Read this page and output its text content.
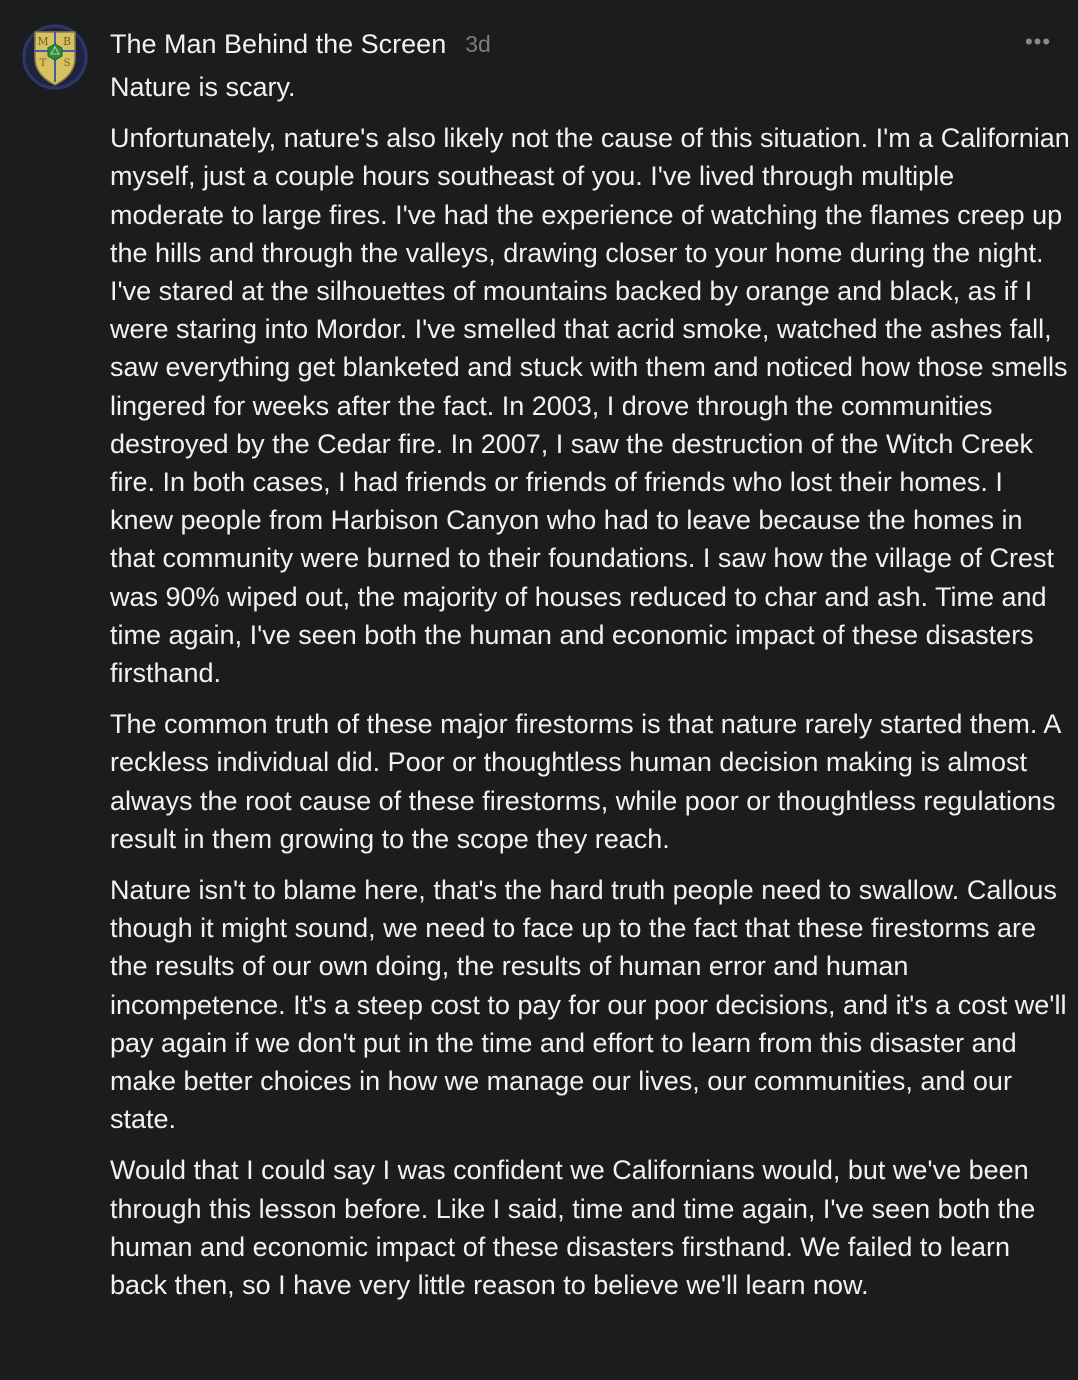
M B
T S
The Man Behind the Screen 3d	•••

Nature is scary.

Unfortunately, nature's also likely not the cause of this situation. I'm a Californian myself, just a couple hours southeast of you. I've lived through multiple moderate to large fires. I've had the experience of watching the flames creep up the hills and through the valleys, drawing closer to your home during the night. I've stared at the silhouettes of mountains backed by orange and black, as if I were staring into Mordor. I've smelled that acrid smoke, watched the ashes fall, saw everything get blanketed and stuck with them and noticed how those smells lingered for weeks after the fact. In 2003, I drove through the communities destroyed by the Cedar fire. In 2007, I saw the destruction of the Witch Creek fire. In both cases, I had friends or friends of friends who lost their homes. I knew people from Harbison Canyon who had to leave because the homes in that community were burned to their foundations. I saw how the village of Crest was 90% wiped out, the majority of houses reduced to char and ash. Time and time again, I've seen both the human and economic impact of these disasters firsthand.

The common truth of these major firestorms is that nature rarely started them. A reckless individual did. Poor or thoughtless human decision making is almost always the root cause of these firestorms, while poor or thoughtless regulations result in them growing to the scope they reach.

Nature isn't to blame here, that's the hard truth people need to swallow. Callous though it might sound, we need to face up to the fact that these firestorms are the results of our own doing, the results of human error and human incompetence. It's a steep cost to pay for our poor decisions, and it's a cost we'll pay again if we don't put in the time and effort to learn from this disaster and make better choices in how we manage our lives, our communities, and our state.

Would that I could say I was confident we Californians would, but we've been through this lesson before. Like I said, time and time again, I've seen both the human and economic impact of these disasters firsthand. We failed to learn back then, so I have very little reason to believe we'll learn now.
